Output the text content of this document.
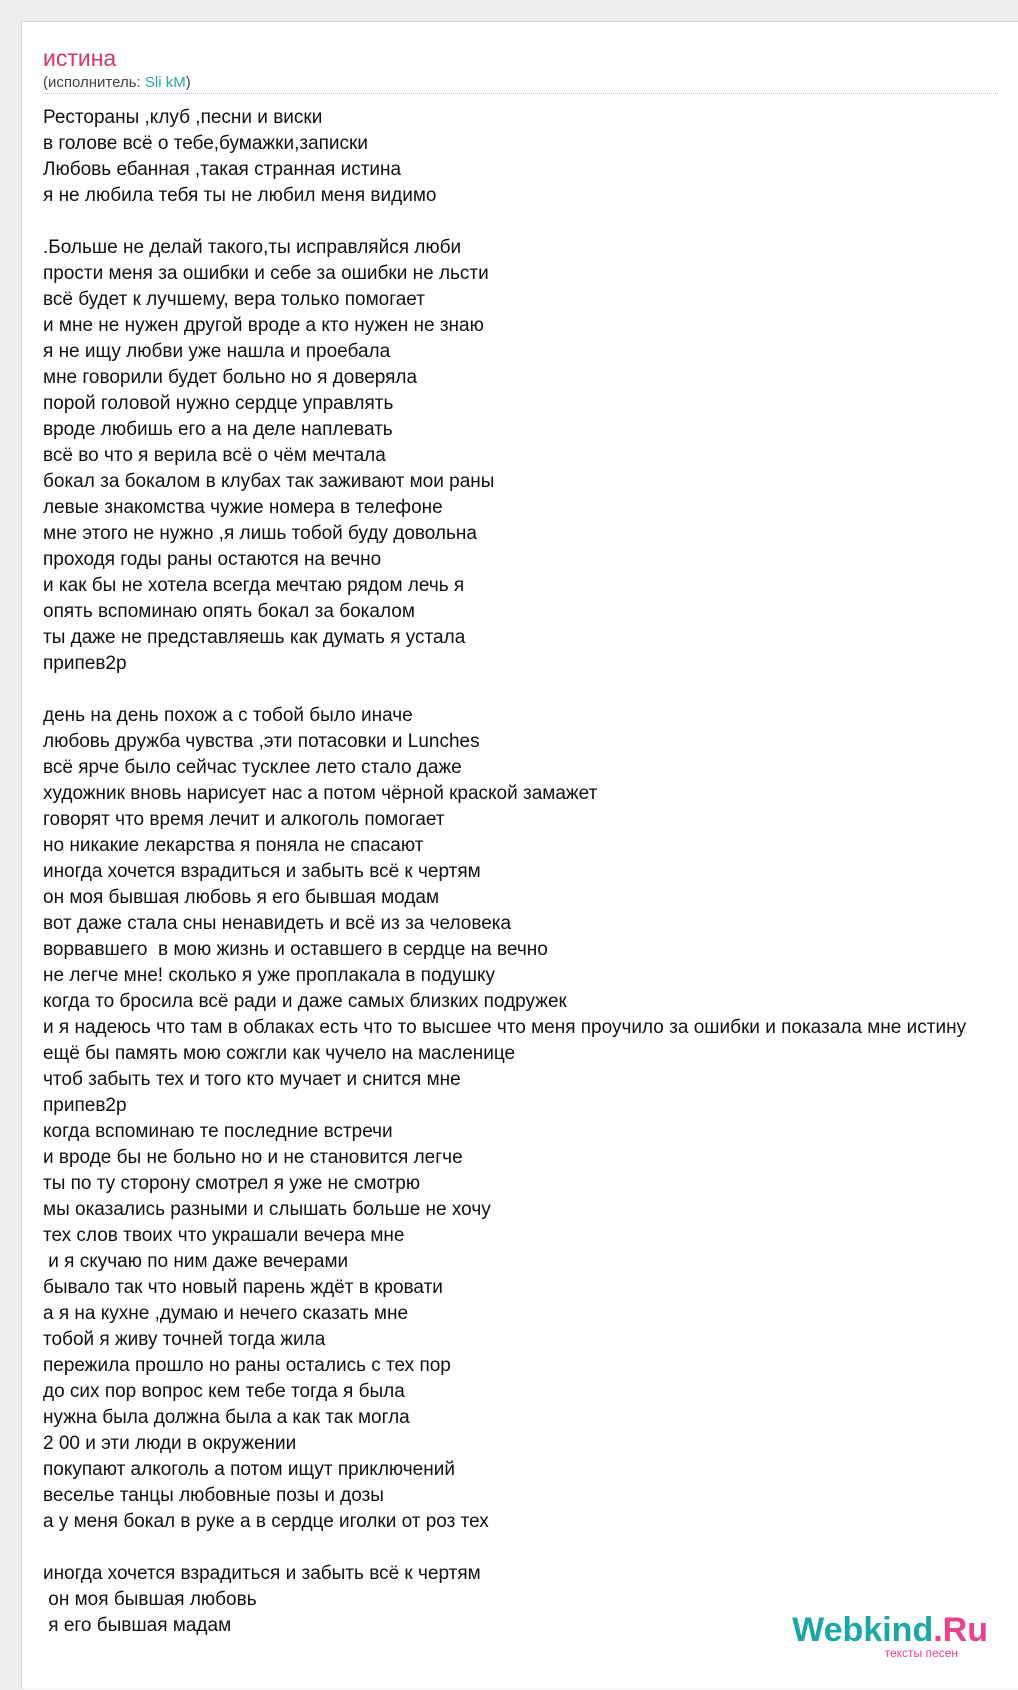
истина
(исполнитель: Sli kM)
Рестораны ,клуб ,песни и виски
в голове всё о тебе,бумажки,записки
Любовь ебанная ,такая странная истина
я не любила тебя ты не любил меня видимо
.Больше не делай такого,ты исправляйся люби
прости меня за ошибки и себе за ошибки не льсти
всё будет к лучшему, вера только помогает
и мне не нужен другой вроде а кто нужен не знаю
я не ищу любви уже нашла и проебала
мне говорили будет больно но я доверяла
порой головой нужно сердце управлять
вроде любишь его а на деле наплевать
всё во что я верила всё о чём мечтала
бокал за бокалом в клубах так заживают мои раны
левые знакомства чужие номера в телефоне
мне этого не нужно ,я лишь тобой буду довольна
проходя годы раны остаются на вечно
и как бы не хотела всегда мечтаю рядом лечь я
опять вспоминаю опять бокал за бокалом
ты даже не представляешь как думать я устала
припев2р
день на день похож а с тобой было иначе
любовь дружба чувства ,эти потасовки и Lunches
всё ярче было сейчас тусклее лето стало даже
художник вновь нарисует нас а потом чёрной краской замажет
говорят что время лечит и алкоголь помогает
но никакие лекарства я поняла не спасают
иногда хочется взрадиться и забыть всё к чертям
он моя бывшая любовь я его бывшая модам
вот даже стала сны ненавидеть и всё из за человека
ворвавшего  в мою жизнь и оставшего в сердце на вечно
не легче мне! сколько я уже проплакала в подушку
когда то бросила всё ради и даже самых близких подружек
и я надеюсь что там в облаках есть что то высшее что меня проучило за ошибки и показала мне истину
ещё бы память мою сожгли как чучело на масленице
чтоб забыть тех и того кто мучает и снится мне
припев2р
когда вспоминаю те последние встречи
и вроде бы не больно но и не становится легче
ты по ту сторону смотрел я уже не смотрю
мы оказались разными и слышать больше не хочу
тех слов твоих что украшали вечера мне
и я скучаю по ним даже вечерами
бывало так что новый парень ждёт в кровати
а я на кухне ,думаю и нечего сказать мне
тобой я живу точней тогда жила
пережила прошло но раны остались с тех пор
до сих пор вопрос кем тебе тогда я была
нужна была должна была а как так могла
2 00 и эти люди в окружении
покупают алкоголь а потом ищут приключений
веселье танцы любовные позы и дозы
а у меня бокал в руке а в сердце иголки от роз тех
иногда хочется взрадиться и забыть всё к чертям
он моя бывшая любовь
я его бывшая мадам	Webkind.Ru
тексты песен
